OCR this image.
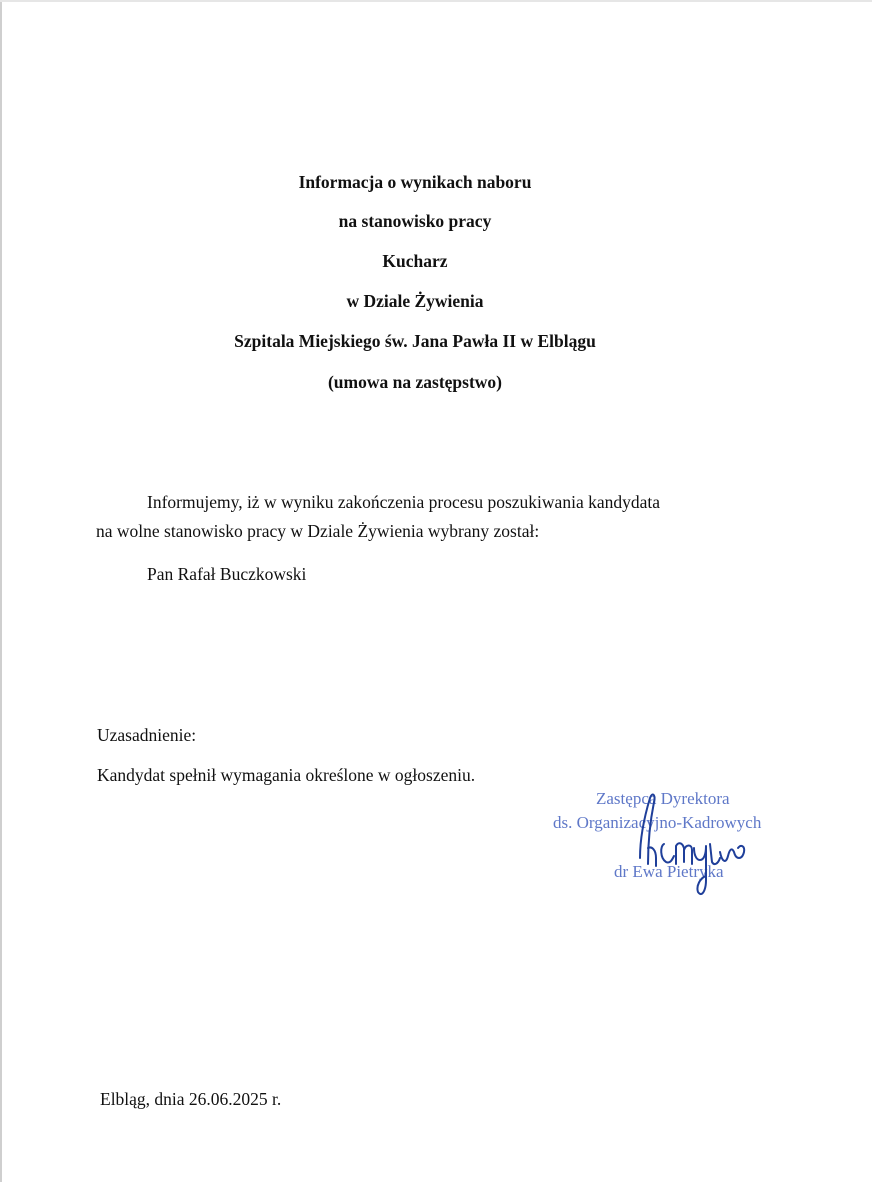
Informacja o wynikach naboru
na stanowisko pracy
Kucharz
w Dziale Żywienia
Szpitala Miejskiego św. Jana Pawła II w Elblągu
(umowa na zastępstwo)
Informujemy, iż w wyniku zakończenia procesu poszukiwania kandydata
na wolne stanowisko pracy w Dziale Żywienia wybrany został:
Pan Rafał Buczkowski
Uzasadnienie:
Kandydat spełnił wymagania określone w ogłoszeniu.
Zastępca Dyrektora
ds. Organizacyjno-Kadrowych
dr Ewa Pietryka
Elbląg, dnia 26.06.2025 r.
